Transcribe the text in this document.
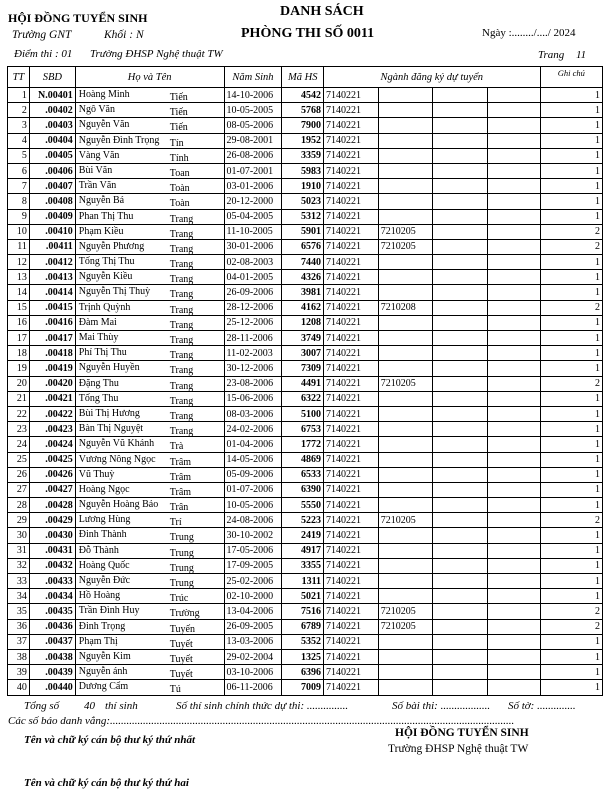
HỘI ĐỒNG TUYỂN SINH
Trường GNT	Khối : N
Điểm thi : 01 Trường ĐHSP Nghệ thuật TW
DANH SÁCH
PHÒNG THI SỐ 0011	Ngày :......../..../ 2024
Trang 11
TT	SBD	Họ và Tên	Năm Sinh	Mã HS	Ngành đăng ký dự tuyển				Ghi chú
1	N.00401	Hoàng Minh Tiến	14-10-2006	4542	7140221				1
2	.00402	Ngô Văn Tiến	10-05-2005	5768	7140221				1
3	.00403	Nguyễn Văn Tiến	08-05-2006	7900	7140221				1
4	.00404	Nguyễn Đình Trọng Tín	29-08-2001	1952	7140221				1
5	.00405	Vàng Văn Tính	26-08-2006	3359	7140221				1
6	.00406	Bùi Văn Toan	01-07-2001	5983	7140221				1
7	.00407	Trần Văn Toàn	03-01-2006	1910	7140221				1
8	.00408	Nguyễn Bá Toàn	20-12-2000	5023	7140221				1
9	.00409	Phan Thị Thu Trang	05-04-2005	5312	7140221				1
10	.00410	Phạm Kiều Trang	11-10-2005	5901	7140221	7210205			2
11	.00411	Nguyễn Phương Trang	30-01-2006	6576	7140221	7210205			2
12	.00412	Tống Thị Thu Trang	02-08-2003	7440	7140221				1
13	.00413	Nguyễn Kiều Trang	04-01-2005	4326	7140221				1
14	.00414	Nguyễn Thị Thuỳ Trang	26-09-2006	3981	7140221				1
15	.00415	Trịnh Quỳnh Trang	28-12-2006	4162	7140221	7210208			2
16	.00416	Đàm Mai Trang	25-12-2006	1208	7140221				1
17	.00417	Mai Thùy Trang	28-11-2006	3749	7140221				1
18	.00418	Phí Thị Thu Trang	11-02-2003	3007	7140221				1
19	.00419	Nguyễn Huyền Trang	30-12-2006	7309	7140221				1
20	.00420	Đặng Thu Trang	23-08-2006	4491	7140221	7210205			2
21	.00421	Tống Thu Trang	15-06-2006	6322	7140221				1
22	.00422	Bùi Thị Hương Trang	08-03-2006	5100	7140221				1
23	.00423	Bàn Thị Nguyệt Trang	24-02-2006	6753	7140221				1
24	.00424	Nguyễn Vũ Khánh Trà	01-04-2006	1772	7140221				1
25	.00425	Vương Nông Ngọc Trâm	14-05-2006	4869	7140221				1
26	.00426	Vũ Thuỳ Trâm	05-09-2006	6533	7140221				1
27	.00427	Hoàng Ngọc Trâm	01-07-2006	6390	7140221				1
28	.00428	Nguyễn Hoàng Bảo Trân	10-05-2006	5550	7140221				1
29	.00429	Lương Hùng Trí	24-08-2006	5223	7140221	7210205			2
30	.00430	Đinh Thành Trung	30-10-2002	2419	7140221				1
31	.00431	Đỗ Thành Trung	17-05-2006	4917	7140221				1
32	.00432	Hoàng Quốc Trung	17-09-2005	3355	7140221				1
33	.00433	Nguyễn Đức Trung	25-02-2006	1311	7140221				1
34	.00434	Hồ Hoàng Trúc	02-10-2000	5021	7140221				1
35	.00435	Trần Đình Huy Trường	13-04-2006	7516	7140221	7210205			2
36	.00436	Đinh Trọng Tuyến	26-09-2005	6789	7140221	7210205			2
37	.00437	Phạm Thị Tuyết	13-03-2006	5352	7140221				1
38	.00438	Nguyễn Kim Tuyết	29-02-2004	1325	7140221				1
39	.00439	Nguyễn ánh Tuyết	03-10-2006	6396	7140221				1
40	.00440	Dương Cẩm Tú	06-11-2006	7009	7140221				1
Tổng số 40 thí sinh	Số thí sinh chính thức dự thi: ...............	Số bài thi: .................. Số tờ: ..............
Các số báo danh vắng:...................................................................................................................................................
Tên và chữ ký cán bộ thư ký thứ nhất
HỘI ĐỒNG TUYỂN SINH
Trường ĐHSP Nghệ thuật TW
Tên và chữ ký cán bộ thư ký thứ hai
